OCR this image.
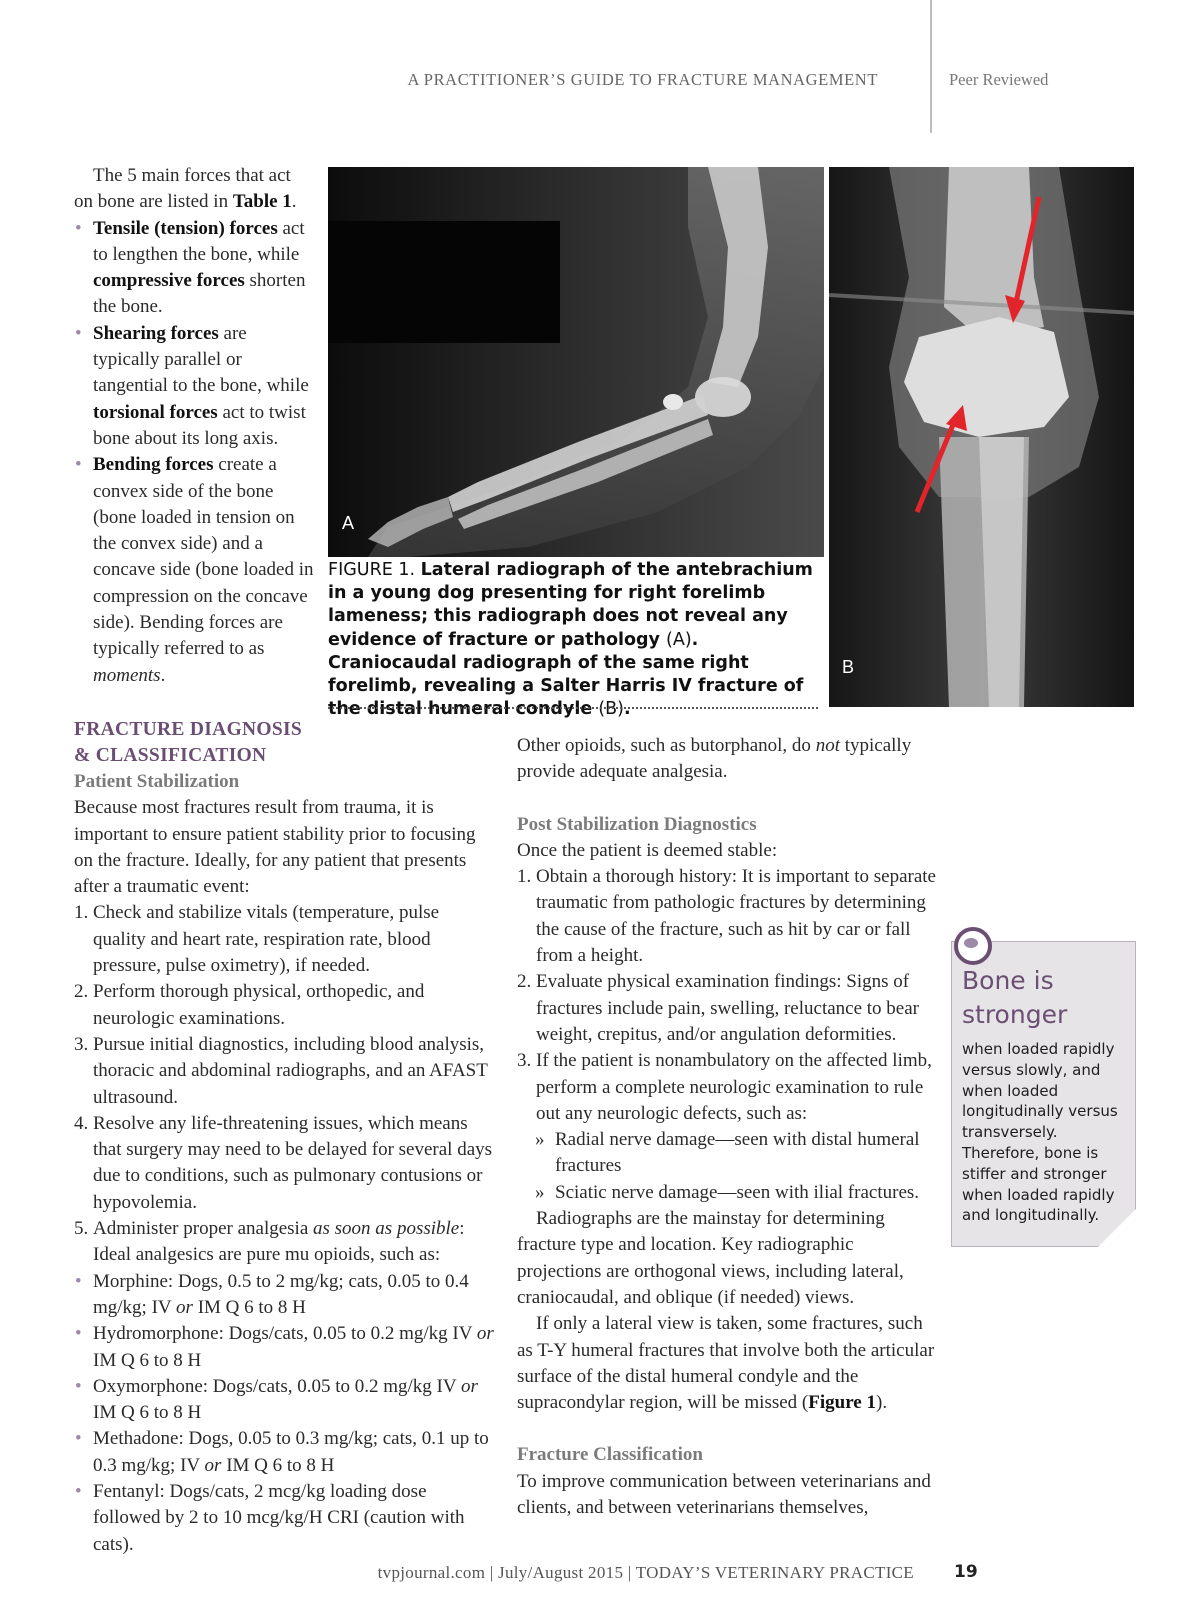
A PRACTITIONER’S GUIDE TO FRACTURE MANAGEMENT	Peer Reviewed

The 5 main forces that act on bone are listed in Table 1.

• Tensile (tension) forces act to lengthen the bone, while compressive forces shorten the bone.
• Shearing forces are typically parallel or tangential to the bone, while torsional forces act to twist bone about its long axis.
• Bending forces create a convex side of the bone (bone loaded in tension on the convex side) and a concave side (bone loaded in compression on the concave side). Bending forces are typically referred to as moments.
A
B
FIGURE 1. Lateral radiograph of the antebrachium in a young dog presenting for right forelimb lameness; this radiograph does not reveal any evidence of fracture or pathology (A). Craniocaudal radiograph of the same right forelimb, revealing a Salter Harris IV fracture of the distal humeral condyle (B).
FRACTURE DIAGNOSIS
& CLASSIFICATION
Patient Stabilization

Because most fractures result from trauma, it is important to ensure patient stability prior to focusing on the fracture. Ideally, for any patient that presents after a traumatic event:

1. Check and stabilize vitals (temperature, pulse quality and heart rate, respiration rate, blood pressure, pulse oximetry), if needed.
2. Perform thorough physical, orthopedic, and neurologic examinations.
3. Pursue initial diagnostics, including blood analysis, thoracic and abdominal radiographs, and an AFAST ultrasound.
4. Resolve any life-threatening issues, which means that surgery may need to be delayed for several days due to conditions, such as pulmonary contusions or hypovolemia.
5. Administer proper analgesia as soon as possible: Ideal analgesics are pure mu opioids, such as:
• Morphine: Dogs, 0.5 to 2 mg/kg; cats, 0.05 to 0.4 mg/kg; IV or IM Q 6 to 8 H
• Hydromorphone: Dogs/cats, 0.05 to 0.2 mg/kg IV or IM Q 6 to 8 H
• Oxymorphone: Dogs/cats, 0.05 to 0.2 mg/kg IV or IM Q 6 to 8 H
• Methadone: Dogs, 0.05 to 0.3 mg/kg; cats, 0.1 up to 0.3 mg/kg; IV or IM Q 6 to 8 H
• Fentanyl: Dogs/cats, 2 mcg/kg loading dose followed by 2 to 10 mcg/kg/H CRI (caution with cats).

Other opioids, such as butorphanol, do not typically provide adequate analgesia.

Post Stabilization Diagnostics

Once the patient is deemed stable:

1. Obtain a thorough history: It is important to separate traumatic from pathologic fractures by determining the cause of the fracture, such as hit by car or fall from a height.
2. Evaluate physical examination findings: Signs of fractures include pain, swelling, reluctance to bear weight, crepitus, and/or angulation deformities.
3. If the patient is nonambulatory on the affected limb, perform a complete neurologic examination to rule out any neurologic defects, such as:
» Radial nerve damage—seen with distal humeral fractures
» Sciatic nerve damage—seen with ilial fractures.

Radiographs are the mainstay for determining fracture type and location. Key radiographic projections are orthogonal views, including lateral, craniocaudal, and oblique (if needed) views.

If only a lateral view is taken, some fractures, such as T-Y humeral fractures that involve both the articular surface of the distal humeral condyle and the supracondylar region, will be missed (Figure 1).

Fracture Classification

To improve communication between veterinarians and clients, and between veterinarians themselves,

Bone is stronger
when loaded rapidly versus slowly, and when loaded longitudinally versus transversely. Therefore, bone is stiffer and stronger when loaded rapidly and longitudinally.
tvpjournal.com | July/August 2015 | TODAY’S VETERINARY PRACTICE 19
